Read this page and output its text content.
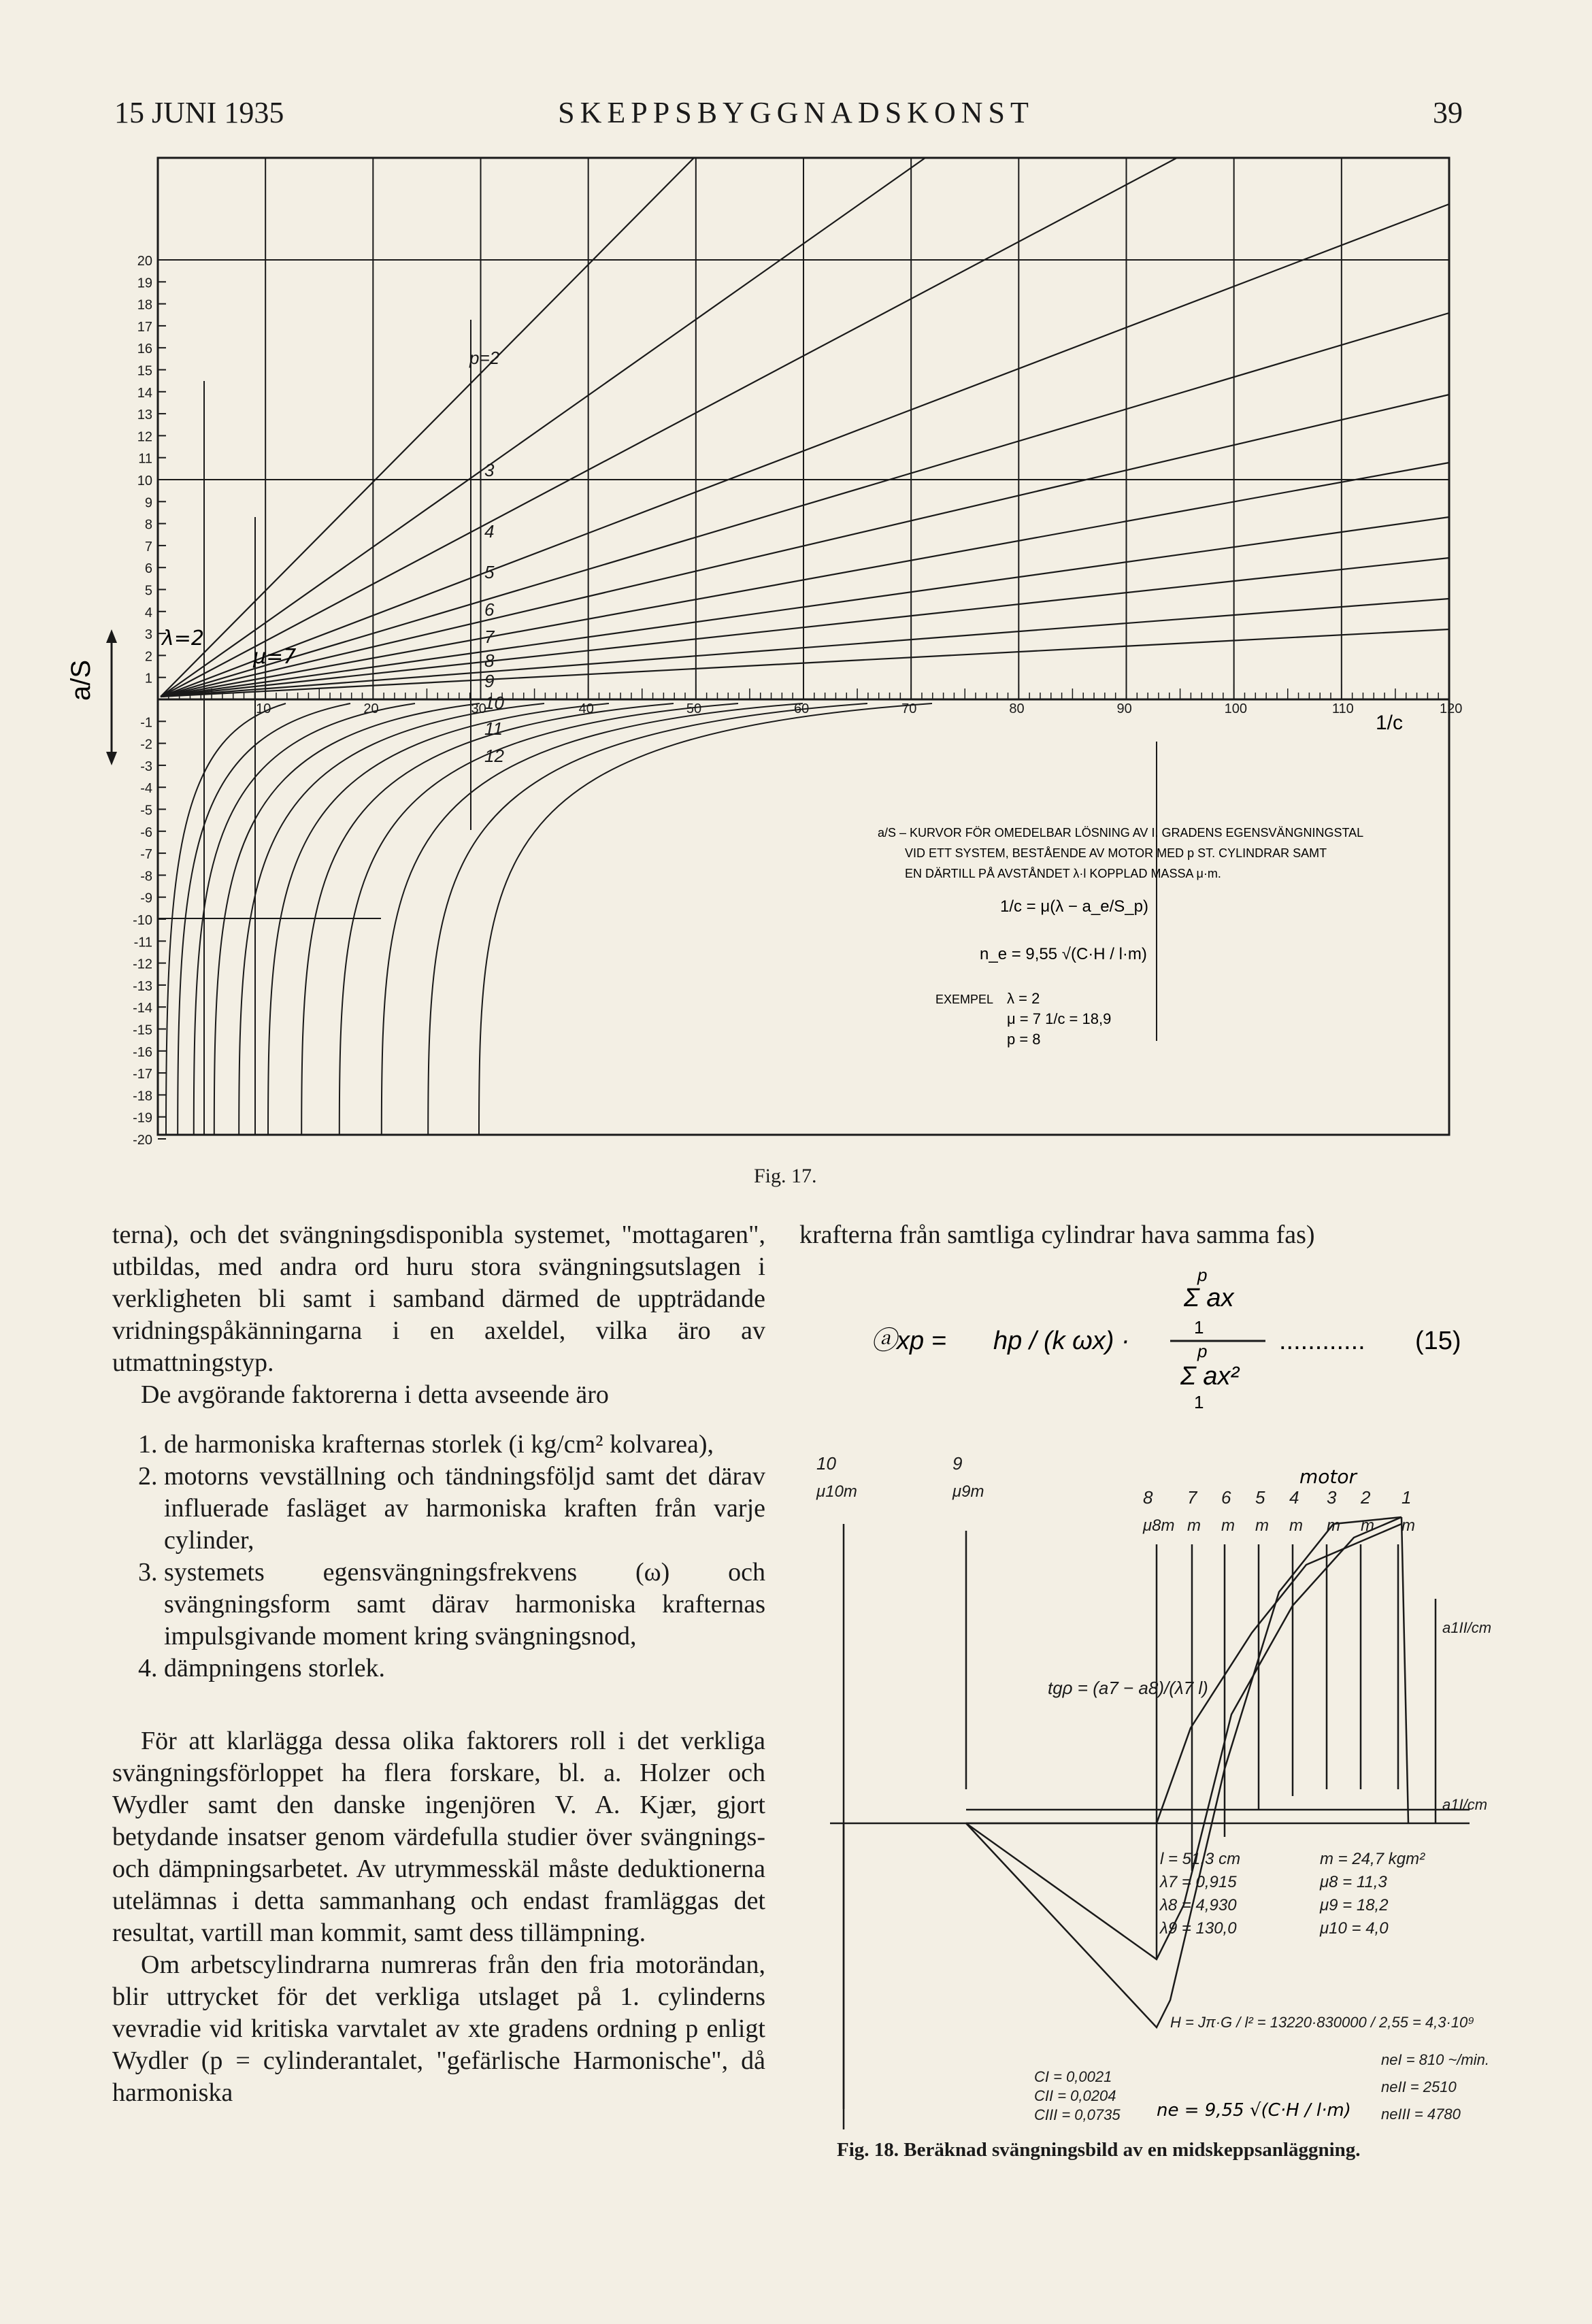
15 JUNI 1935	SKEPPSBYGGNADSKONST	39
20
19
18
17
16
15
14
13
12
11
10
9
8
7
6
5
4
3
2
1
-1
-2
-3
-4
-5
-6
-7
-8
-9
-10
-11
-12
-13
-14
-15
-16
-17
-18
-19
-20
10	20	30	40	50	60	70	80	90	100	110	120
p=2
3
4
5
6
7
8
9
10
11
12
a/S
1/c
λ=2
μ=7
a/S – KURVOR FÖR OMEDELBAR LÖSNING AV I. GRADENS EGENSVÄNGNINGSTAL
VID ETT SYSTEM, BESTÅENDE AV MOTOR MED p ST. CYLINDRAR SAMT
EN DÄRTILL PÅ AVSTÅNDET λ·l KOPPLAD MASSA μ·m.
1/c = μ(λ − a_e/S_p)
n_e = 9,55 √(C·H / l·m)
EXEMPEL λ = 2
μ = 7 1/c = 18,9
p = 8
Fig. 17.

terna), och det svängningsdisponibla systemet, "mottagaren", utbildas, med andra ord huru stora svängningsutslagen i verkligheten bli samt i samband därmed de uppträdande vridningspåkänningarna i en axeldel, vilka äro av utmattningstyp.

De avgörande faktorerna i detta avseende äro

1. de harmoniska krafternas storlek (i kg/cm² kolvarea),
2. motorns vevställning och tändningsföljd samt det därav influerade fasläget av harmoniska kraften från varje cylinder,
3. systemets egensvängningsfrekvens (ω) och svängningsform samt därav harmoniska krafternas impulsgivande moment kring svängningsnod,
4. dämpningens storlek.

För att klarlägga dessa olika faktorers roll i det verkliga svängningsförloppet ha flera forskare, bl. a. Holzer och Wydler samt den danske ingenjören V. A. Kjær, gjort betydande insatser genom värdefulla studier över svängnings- och dämpningsarbetet. Av utrymmesskäl måste deduktionerna utelämnas i detta sammanhang och endast framläggas det resultat, vartill man kommit, samt dess tillämpning.

Om arbetscylindrarna numreras från den fria motorändan, blir uttrycket för det verkliga utslaget på 1. cylinderns vevradie vid kritiska varvtalet av xte gradens ordning p enligt Wydler (p = cylinderantalet, "gefärlische Harmonische", då harmoniska

krafterna från samtliga cylindrar hava samma fas)
p
Σ ax
1
p
Σ ax²
1
ⓐxp = hp / (k ωx) ·	............ (15)
motor
10	9
8 7 6 5 4 3 2 1
μ10m	μ9m
μ8m m m m m m m m
tgρ = (a7 − a8)/(λ7 l)
a1I/cm
a1II/cm
l = 51,3 cm
λ7 = 0,915
λ8 = 4,930
λ9 = 130,0
m = 24,7 kgm²
μ8 = 11,3
μ9 = 18,2
μ10 = 4,0
H = Jπ·G / l² = 13220·830000 / 2,55 = 4,3·10⁹
CI = 0,0021
CII = 0,0204
CIII = 0,0735
neI = 810 ~/min.
neII = 2510
neIII = 4780
ne = 9,55 √(C·H / l·m)
Fig. 18. Beräknad svängningsbild av en midskeppsanläggning.
